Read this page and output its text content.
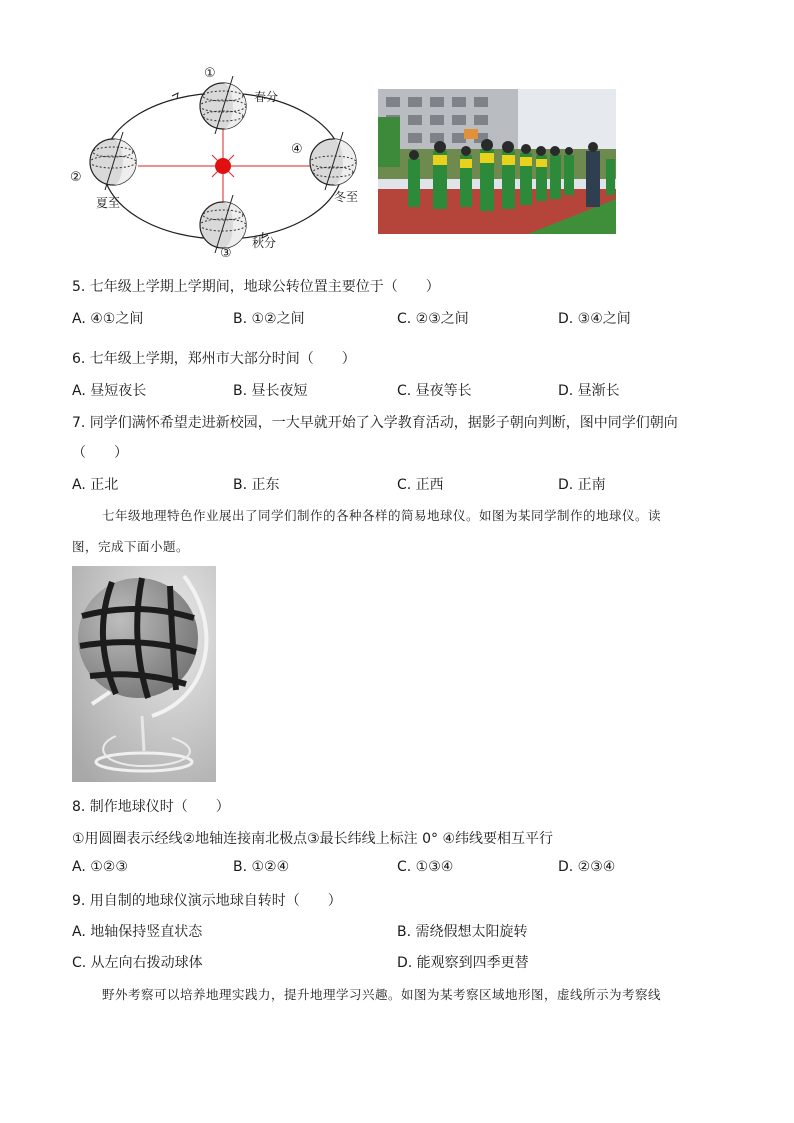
①
春分
②
夏至
④
冬至
秋分
③
5. 七年级上学期上学期间，地球公转位置主要位于（　　）
A. ④①之间	B. ①②之间	C. ②③之间	D. ③④之间
6. 七年级上学期，郑州市大部分时间（　　）
A. 昼短夜长	B. 昼长夜短	C. 昼夜等长	D. 昼渐长
7. 同学们满怀希望走进新校园，一大早就开始了入学教育活动，据影子朝向判断，图中同学们朝向
（　　）
A. 正北	B. 正东	C. 正西	D. 正南
七年级地理特色作业展出了同学们制作的各种各样的简易地球仪。如图为某同学制作的地球仪。读
图，完成下面小题。
8. 制作地球仪时（　　）
①用圆圈表示经线②地轴连接南北极点③最长纬线上标注 0° ④纬线要相互平行
A. ①②③	B. ①②④	C. ①③④	D. ②③④
9. 用自制的地球仪演示地球自转时（　　）
A. 地轴保持竖直状态	B. 需绕假想太阳旋转
C. 从左向右拨动球体	D. 能观察到四季更替
野外考察可以培养地理实践力，提升地理学习兴趣。如图为某考察区域地形图，虚线所示为考察线
